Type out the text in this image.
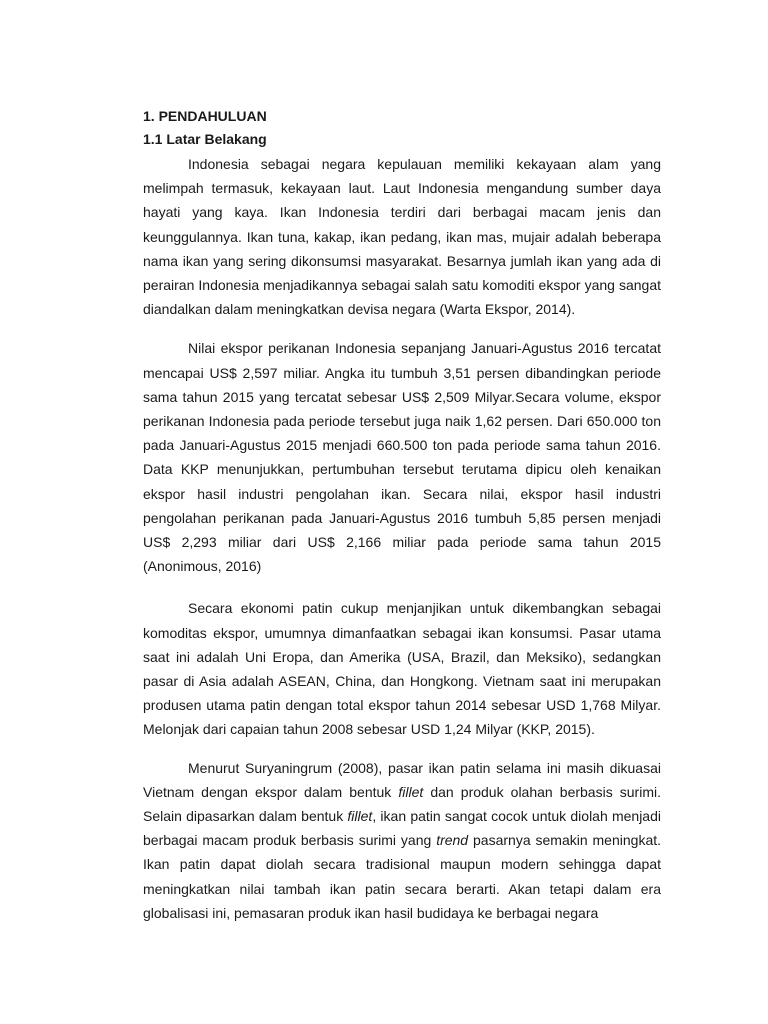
1. PENDAHULUAN
1.1 Latar Belakang

Indonesia sebagai negara kepulauan memiliki kekayaan alam yang melimpah termasuk, kekayaan laut. Laut Indonesia mengandung sumber daya hayati yang kaya. Ikan Indonesia terdiri dari berbagai macam jenis dan keunggulannya. Ikan tuna, kakap, ikan pedang, ikan mas, mujair adalah beberapa nama ikan yang sering dikonsumsi masyarakat. Besarnya jumlah ikan yang ada di perairan Indonesia menjadikannya sebagai salah satu komoditi ekspor yang sangat diandalkan dalam meningkatkan devisa negara (Warta Ekspor, 2014).

Nilai ekspor perikanan Indonesia sepanjang Januari-Agustus 2016 tercatat mencapai US$ 2,597 miliar. Angka itu tumbuh 3,51 persen dibandingkan periode sama tahun 2015 yang tercatat sebesar US$ 2,509 Milyar.Secara volume, ekspor perikanan Indonesia pada periode tersebut juga naik 1,62 persen. Dari 650.000 ton pada Januari-Agustus 2015 menjadi 660.500 ton pada periode sama tahun 2016. Data KKP menunjukkan, pertumbuhan tersebut terutama dipicu oleh kenaikan ekspor hasil industri pengolahan ikan. Secara nilai, ekspor hasil industri pengolahan perikanan pada Januari-Agustus 2016 tumbuh 5,85 persen menjadi US$ 2,293 miliar dari US$ 2,166 miliar pada periode sama tahun 2015 (Anonimous, 2016)

Secara ekonomi patin cukup menjanjikan untuk dikembangkan sebagai komoditas ekspor, umumnya dimanfaatkan sebagai ikan konsumsi. Pasar utama saat ini adalah Uni Eropa, dan Amerika (USA, Brazil, dan Meksiko), sedangkan pasar di Asia adalah ASEAN, China, dan Hongkong. Vietnam saat ini merupakan produsen utama patin dengan total ekspor tahun 2014 sebesar USD 1,768 Milyar. Melonjak dari capaian tahun 2008 sebesar USD 1,24 Milyar (KKP, 2015).

Menurut Suryaningrum (2008), pasar ikan patin selama ini masih dikuasai Vietnam dengan ekspor dalam bentuk fillet dan produk olahan berbasis surimi. Selain dipasarkan dalam bentuk fillet, ikan patin sangat cocok untuk diolah menjadi berbagai macam produk berbasis surimi yang trend pasarnya semakin meningkat. Ikan patin dapat diolah secara tradisional maupun modern sehingga dapat meningkatkan nilai tambah ikan patin secara berarti. Akan tetapi dalam era globalisasi ini, pemasaran produk ikan hasil budidaya ke berbagai negara
